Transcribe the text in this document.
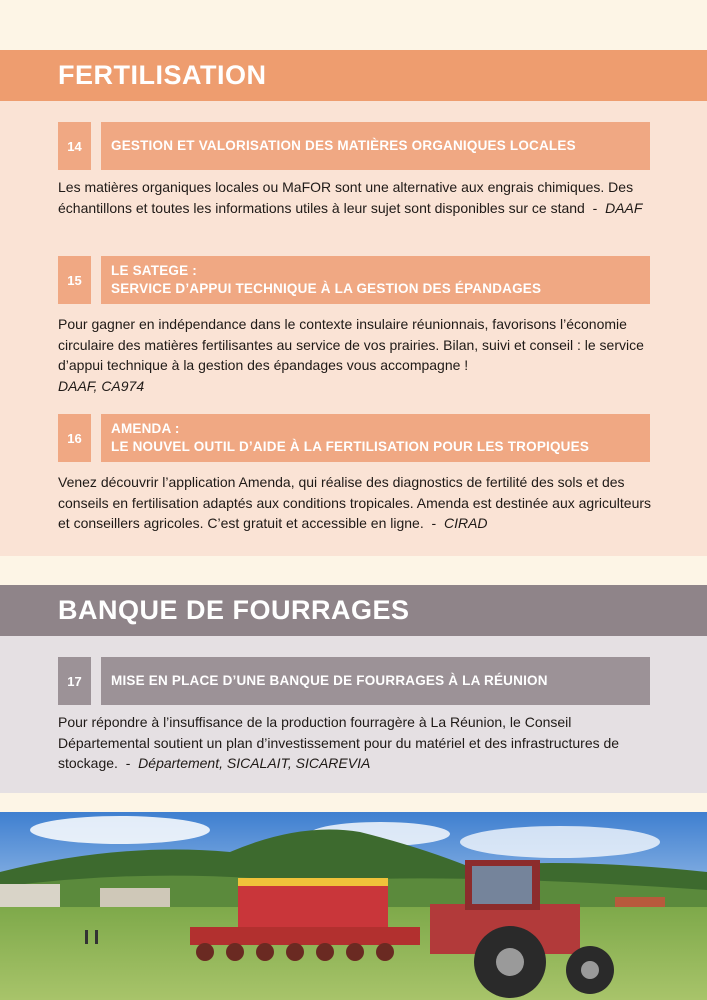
FERTILISATION
14	GESTION ET VALORISATION DES MATIÈRES ORGANIQUES LOCALES
Les matières organiques locales ou MaFOR sont une alternative aux engrais chimiques. Des échantillons et toutes les informations utiles à leur sujet sont disponibles sur ce stand  -  DAAF
15
LE SATEGE :
SERVICE D’APPUI TECHNIQUE À LA GESTION DES ÉPANDAGES
Pour gagner en indépendance dans le contexte insulaire réunionnais, favorisons l’économie circulaire des matières fertilisantes au service de vos prairies. Bilan, suivi et conseil : le service d’appui technique à la gestion des épandages vous accompagne !
DAAF, CA974
16
AMENDA :
LE NOUVEL OUTIL D’AIDE À LA FERTILISATION POUR LES TROPIQUES
Venez découvrir l’application Amenda, qui réalise des diagnostics de fertilité des sols et des conseils en fertilisation adaptés aux conditions tropicales. Amenda est destinée aux agriculteurs et conseillers agricoles. C’est gratuit et accessible en ligne.  -  CIRAD
BANQUE DE FOURRAGES
17	MISE EN PLACE D’UNE BANQUE DE FOURRAGES À LA RÉUNION
Pour répondre à l’insuffisance de la production fourragère à La Réunion, le Conseil Départemental soutient un plan d’investissement pour du matériel et des infrastructures de stockage.  -  Département, SICALAIT, SICAREVIA
